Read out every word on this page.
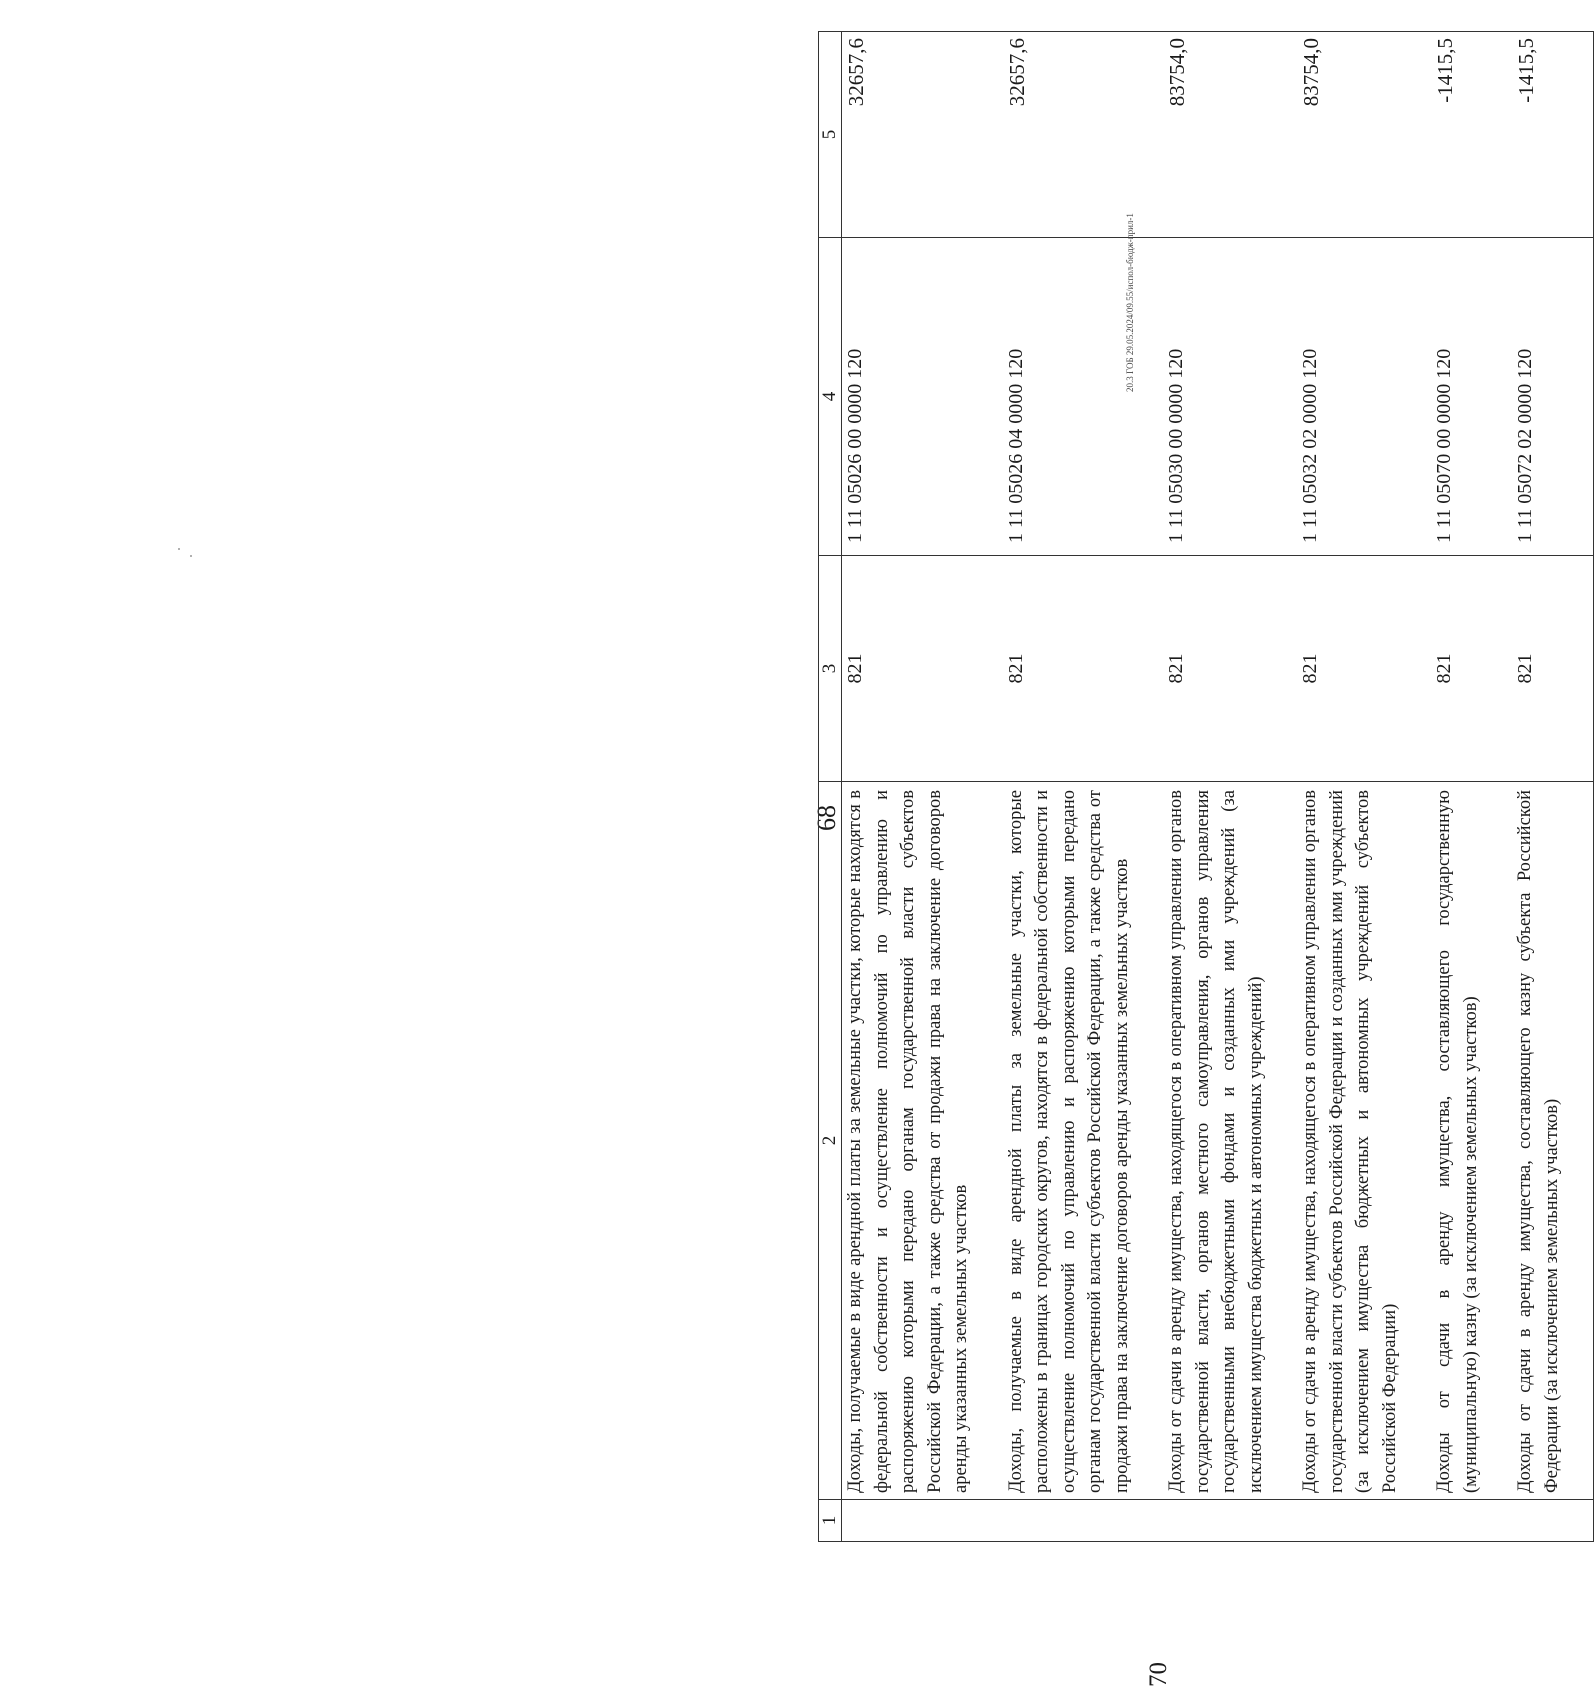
68
1	2	3	4	5

	Доходы, получаемые в виде арендной платы за земельные участки, которые находятся в федеральной собственности и осуществление полномочий по управлению и распоряжению которыми передано органам государственной власти субъектов Российской Федерации, а также средства от продажи права на заключение договоров аренды указанных земельных участков	821	1 11 05026 00 0000 120	32657,6

	Доходы, получаемые в виде арендной платы за земельные участки, которые расположены в границах городских округов, находятся в федеральной собственности и осуществление полномочий по управлению и распоряжению которыми передано органам государственной власти субъектов Российской Федерации, а также средства от продажи права на заключение договоров аренды указанных земельных участков	821	1 11 05026 04 0000 120	32657,6

	Доходы от сдачи в аренду имущества, находящегося в оперативном управлении органов государственной власти, органов местного самоуправления, органов управления государственными внебюджетными фондами и созданных ими учреждений (за исключением имущества бюджетных и автономных учреждений)	821	1 11 05030 00 0000 120	83754,0

	Доходы от сдачи в аренду имущества, находящегося в оперативном управлении органов государственной власти субъектов Российской Федерации и созданных ими учреждений (за исключением имущества бюджетных и автономных учреждений субъектов Российской Федерации)	821	1 11 05032 02 0000 120	83754,0

	Доходы от сдачи в аренду имущества, составляющего государственную (муниципальную) казну (за исключением земельных участков)	821	1 11 05070 00 0000 120	-1415,5

	Доходы от сдачи в аренду имущества, составляющего казну субъекта Российской Федерации (за исключением земельных участков)	821	1 11 05072 02 0000 120	-1415,5
20.3 ГОБ 29.05.2024/09.55/испол-бюдж-прил-1
70
